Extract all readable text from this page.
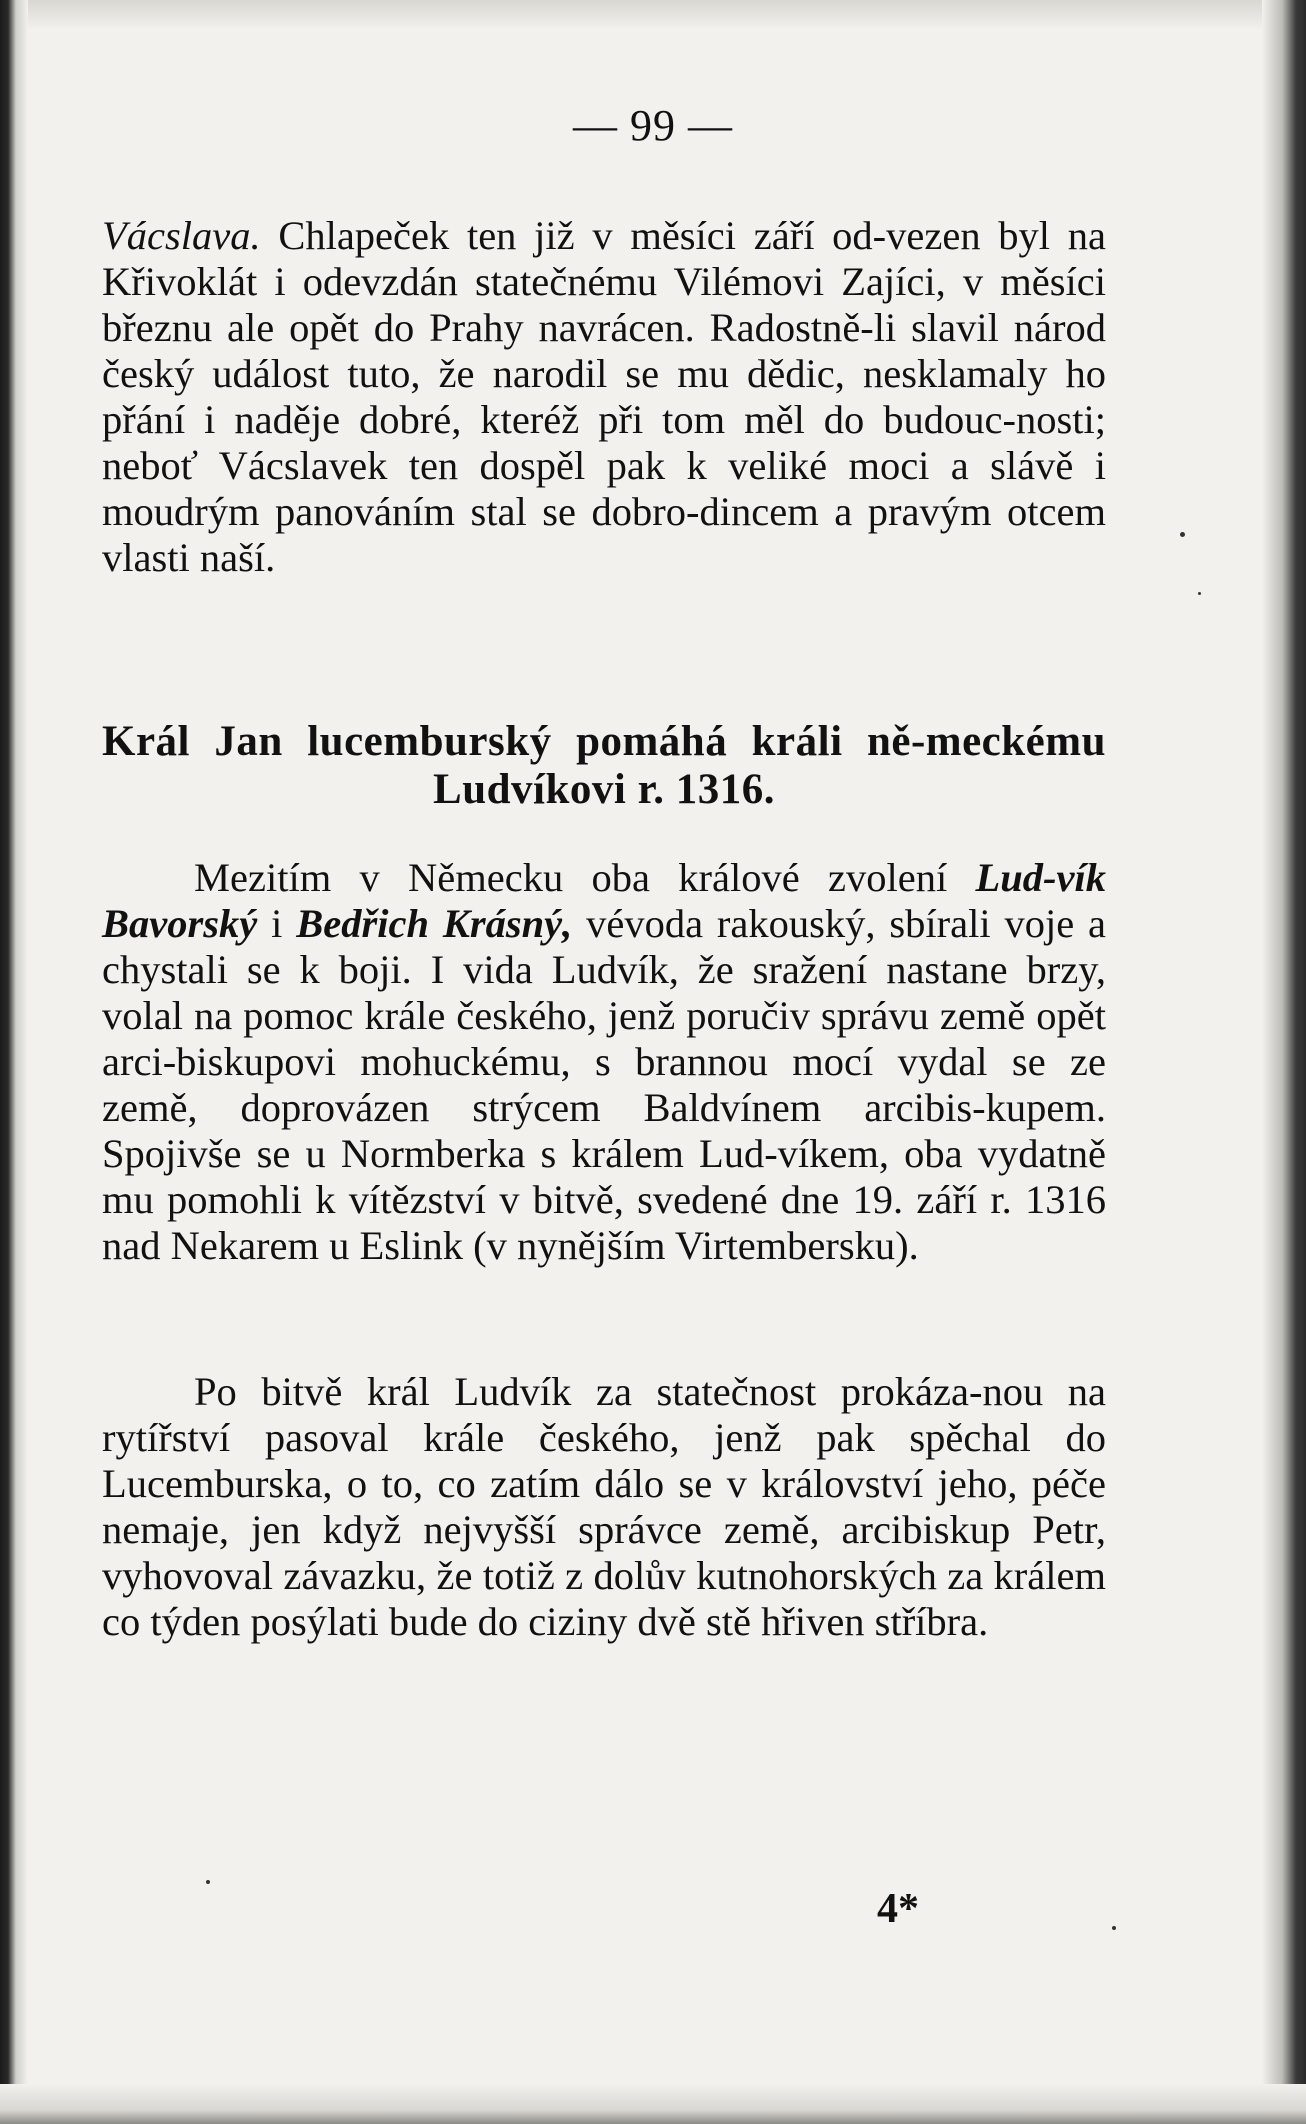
— 99 —
Vácslava. Chlapeček ten již v měsíci září od-vezen byl na Křivoklát i odevzdán statečnému Vilémovi Zajíci, v měsíci březnu ale opět do Prahy navrácen. Radostně-li slavil národ český událost tuto, že narodil se mu dědic, nesklamaly ho přání i naděje dobré, kteréž při tom měl do budouc-nosti; neboť Vácslavek ten dospěl pak k veliké moci a slávě i moudrým panováním stal se dobro-dincem a pravým otcem vlasti naší.
Král Jan lucemburský pomáhá králi ně-meckému Ludvíkovi r. 1316.
Mezitím v Německu oba králové zvolení Lud-vík Bavorský i Bedřich Krásný, vévoda rakouský, sbírali voje a chystali se k boji. I vida Ludvík, že sražení nastane brzy, volal na pomoc krále českého, jenž poručiv správu země opět arci-biskupovi mohuckému, s brannou mocí vydal se ze země, doprovázen strýcem Baldvínem arcibis-kupem. Spojivše se u Normberka s králem Lud-víkem, oba vydatně mu pomohli k vítězství v bitvě, svedené dne 19. září r. 1316 nad Nekarem u Eslink (v nynějším Virtembersku).
Po bitvě král Ludvík za statečnost prokáza-nou na rytířství pasoval krále českého, jenž pak spěchal do Lucemburska, o to, co zatím dálo se v království jeho, péče nemaje, jen když nejvyšší správce země, arcibiskup Petr, vyhovoval závazku, že totiž z dolův kutnohorských za králem co týden posýlati bude do ciziny dvě stě hřiven stříbra.
4*
